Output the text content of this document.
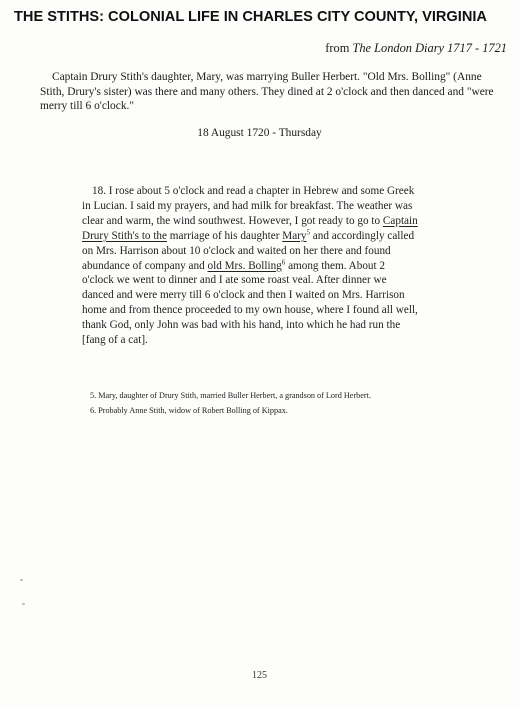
THE STITHS: COLONIAL LIFE IN CHARLES CITY COUNTY, VIRGINIA
from The London Diary 1717 - 1721
Captain Drury Stith's daughter, Mary, was marrying Buller Herbert. "Old Mrs. Bolling" (Anne Stith, Drury's sister) was there and many others. They dined at 2 o'clock and then danced and "were merry till 6 o'clock."
18 August 1720 - Thursday

18. I rose about 5 o'clock and read a chapter in Hebrew and some Greek in Lucian. I said my prayers, and had milk for breakfast. The weather was clear and warm, the wind southwest. However, I got ready to go to Captain Drury Stith's to the marriage of his daughter Mary$^5$ and accordingly called on Mrs. Harrison about 10 o'clock and waited on her there and found abundance of company and old Mrs. Bolling$^6$ among them. About 2 o'clock we went to dinner and I ate some roast veal. After dinner we danced and were merry till 6 o'clock and then I waited on Mrs. Harrison home and from thence proceeded to my own house, where I found all well, thank God, only John was bad with his hand, into which he had run the [fang of a cat].

5. Mary, daughter of Drury Stith, married Buller Herbert, a grandson of Lord Herbert.

6. Probably Anne Stith, widow of Robert Bolling of Kippax.

125
